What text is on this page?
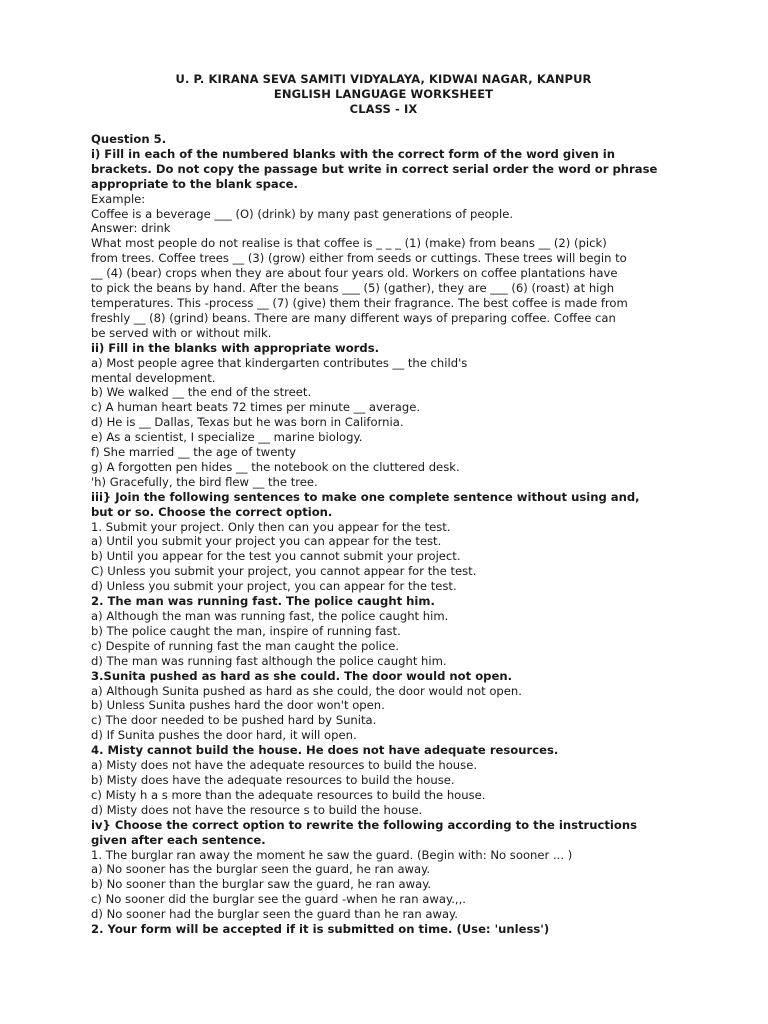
U. P. KIRANA SEVA SAMITI VIDYALAYA, KIDWAI NAGAR, KANPUR
ENGLISH LANGUAGE WORKSHEET
CLASS - IX
Question 5.
i) Fill in each of the numbered blanks with the correct form of the word given in
brackets. Do not copy the passage but write in correct serial order the word or phrase
appropriate to the blank space.
Example:
Coffee is a beverage ___ (O) (drink) by many past generations of people.
Answer: drink
What most people do not realise is that coffee is _ _ _ (1) (make) from beans __ (2) (pick)
from trees. Coffee trees __ (3) (grow) either from seeds or cuttings. These trees will begin to
__ (4) (bear) crops when they are about four years old. Workers on coffee plantations have
to pick the beans by hand. After the beans ___ (5) (gather), they are ___ (6) (roast) at high
temperatures. This -process __ (7) (give) them their fragrance. The best coffee is made from
freshly __ (8) (grind) beans. There are many different ways of preparing coffee. Coffee can
be served with or without milk.
ii) Fill in the blanks with appropriate words.
a) Most people agree that kindergarten contributes __ the child's
mental development.
b) We walked __ the end of the street.
c) A human heart beats 72 times per minute __ average.
d) He is __ Dallas, Texas but he was born in California.
e) As a scientist, I specialize __ marine biology.
f) She married __ the age of twenty
g) A forgotten pen hides __ the notebook on the cluttered desk.
'h) Gracefully, the bird flew __ the tree.
iii} Join the following sentences to make one complete sentence without using and,
but or so. Choose the correct option.
1. Submit your project. Only then can you appear for the test.
a) Until you submit your project you can appear for the test.
b) Until you appear for the test you cannot submit your project.
C) Unless you submit your project, you cannot appear for the test.
d) Unless you submit your project, you can appear for the test.
2. The man was running fast. The police caught him.
a) Although the man was running fast, the police caught him.
b) The police caught the man, inspire of running fast.
c) Despite of running fast the man caught the police.
d) The man was running fast although the police caught him.
3.Sunita pushed as hard as she could. The door would not open.
a) Although Sunita pushed as hard as she could, the door would not open.
b) Unless Sunita pushes hard the door won't open.
c) The door needed to be pushed hard by Sunita.
d) If Sunita pushes the door hard, it will open.
4. Misty cannot build the house. He does not have adequate resources.
a) Misty does not have the adequate resources to build the house.
b) Misty does have the adequate resources to build the house.
c) Misty h a s more than the adequate resources to build the house.
d) Misty does not have the resource s to build the house.
iv} Choose the correct option to rewrite the following according to the instructions
given after each sentence.
1. The burglar ran away the moment he saw the guard. (Begin with: No sooner ... )
a) No sooner has the burglar seen the guard, he ran away.
b) No sooner than the burglar saw the guard, he ran away.
c) No sooner did the burglar see the guard -when he ran away.,,.
d) No sooner had the burglar seen the guard than he ran away.
2. Your form will be accepted if it is submitted on time. (Use: 'unless')
